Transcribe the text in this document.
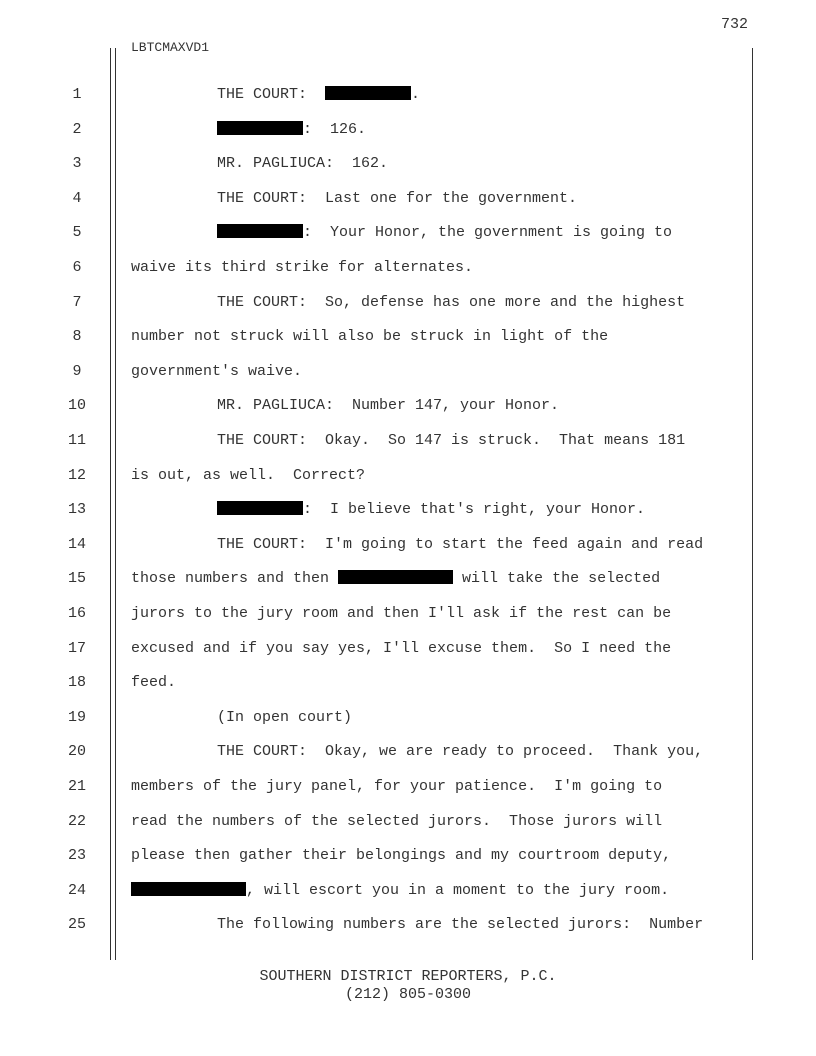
732
LBTCMAXVD1
1	THE COURT:	.
2	:  126.
3	MR. PAGLIUCA:  162.
4	THE COURT:  Last one for the government.
5	:  Your Honor, the government is going to
6	waive its third strike for alternates.
7	THE COURT:  So, defense has one more and the highest
8	number not struck will also be struck in light of the
9	government's waive.
10	MR. PAGLIUCA:  Number 147, your Honor.
11	THE COURT:  Okay.  So 147 is struck.  That means 181
12	is out, as well.  Correct?
13	:  I believe that's right, your Honor.
14	THE COURT:  I'm going to start the feed again and read
15	those numbers and then	will take the selected
16	jurors to the jury room and then I'll ask if the rest can be
17	excused and if you say yes, I'll excuse them.  So I need the
18	feed.
19	(In open court)
20	THE COURT:  Okay, we are ready to proceed.  Thank you,
21	members of the jury panel, for your patience.  I'm going to
22	read the numbers of the selected jurors.  Those jurors will
23	please then gather their belongings and my courtroom deputy,
24	, will escort you in a moment to the jury room.
25	The following numbers are the selected jurors:  Number
SOUTHERN DISTRICT REPORTERS, P.C.
(212) 805-0300
